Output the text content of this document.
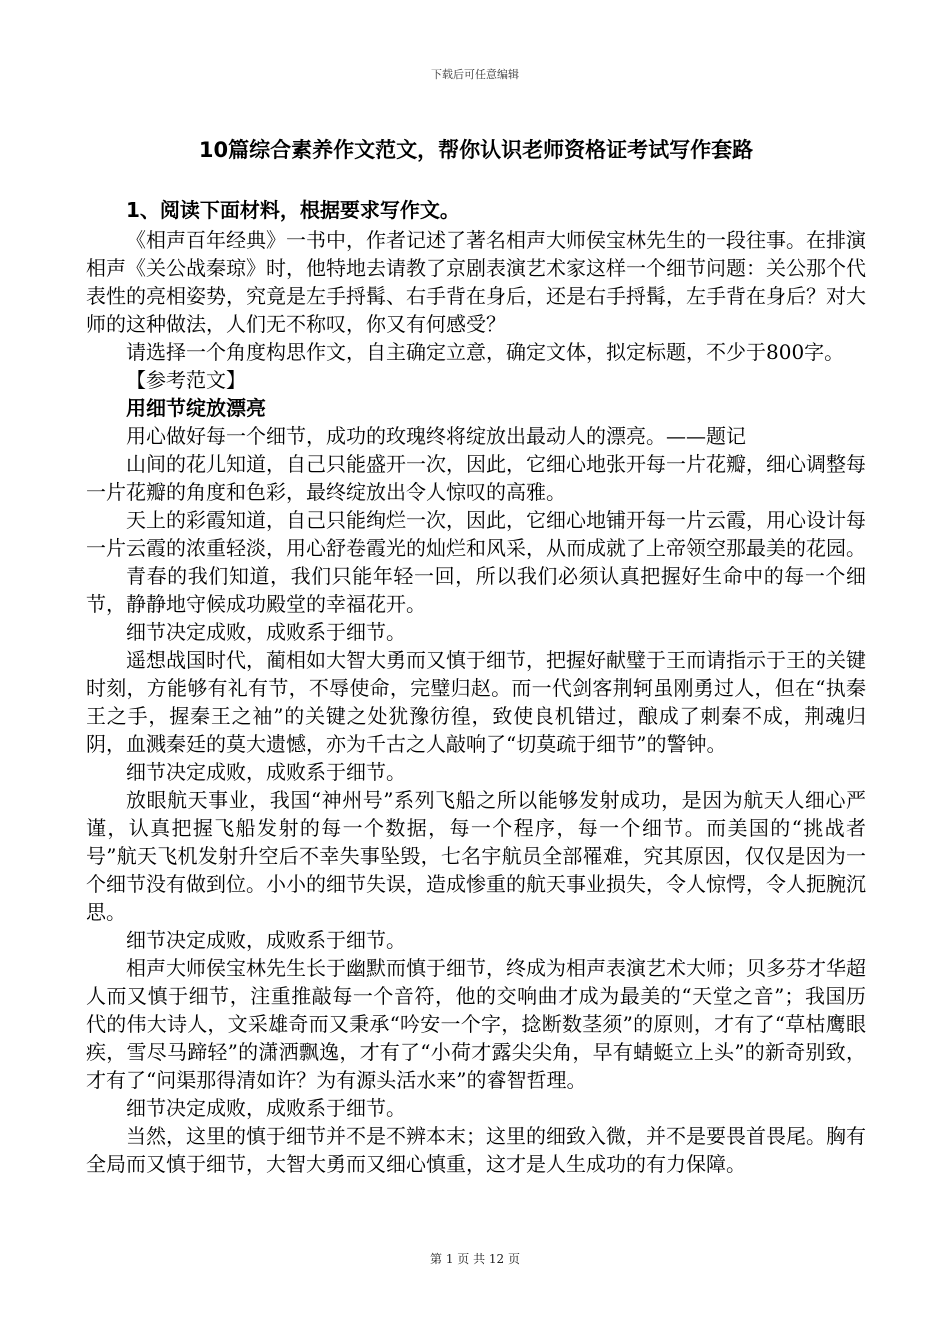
下载后可任意编辑
10篇综合素养作文范文，帮你认识老师资格证考试写作套路

1、阅读下面材料，根据要求写作文。

《相声百年经典》一书中，作者记述了著名相声大师侯宝林先生的一段往事。在排演相声《关公战秦琼》时，他特地去请教了京剧表演艺术家这样一个细节问题：关公那个代表性的亮相姿势，究竟是左手捋髯、右手背在身后，还是右手捋髯，左手背在身后？对大师的这种做法，人们无不称叹，你又有何感受？

请选择一个角度构思作文，自主确定立意，确定文体，拟定标题，不少于800字。

【参考范文】

用细节绽放漂亮

用心做好每一个细节，成功的玫瑰终将绽放出最动人的漂亮。——题记

山间的花儿知道，自己只能盛开一次，因此，它细心地张开每一片花瓣，细心调整每一片花瓣的角度和色彩，最终绽放出令人惊叹的高雅。

天上的彩霞知道，自己只能绚烂一次，因此，它细心地铺开每一片云霞，用心设计每一片云霞的浓重轻淡，用心舒卷霞光的灿烂和风采，从而成就了上帝领空那最美的花园。

青春的我们知道，我们只能年轻一回，所以我们必须认真把握好生命中的每一个细节，静静地守候成功殿堂的幸福花开。

细节决定成败，成败系于细节。

遥想战国时代，蔺相如大智大勇而又慎于细节，把握好献璧于王而请指示于王的关键时刻，方能够有礼有节，不辱使命，完璧归赵。而一代剑客荆轲虽刚勇过人，但在“执秦王之手，握秦王之袖”的关键之处犹豫彷徨，致使良机错过，酿成了刺秦不成，荆魂归阴，血溅秦廷的莫大遗憾，亦为千古之人敲响了“切莫疏于细节”的警钟。

细节决定成败，成败系于细节。

放眼航天事业，我国“神州号”系列飞船之所以能够发射成功，是因为航天人细心严谨，认真把握飞船发射的每一个数据，每一个程序，每一个细节。而美国的“挑战者号”航天飞机发射升空后不幸失事坠毁，七名宇航员全部罹难，究其原因，仅仅是因为一个细节没有做到位。小小的细节失误，造成惨重的航天事业损失，令人惊愕，令人扼腕沉思。

细节决定成败，成败系于细节。

相声大师侯宝林先生长于幽默而慎于细节，终成为相声表演艺术大师；贝多芬才华超人而又慎于细节，注重推敲每一个音符，他的交响曲才成为最美的“天堂之音”；我国历代的伟大诗人，文采雄奇而又秉承“吟安一个字，捻断数茎须”的原则，才有了“草枯鹰眼疾，雪尽马蹄轻”的潇洒飘逸，才有了“小荷才露尖尖角，早有蜻蜓立上头”的新奇别致，才有了“问渠那得清如许？为有源头活水来”的睿智哲理。

细节决定成败，成败系于细节。

当然，这里的慎于细节并不是不辨本末；这里的细致入微，并不是要畏首畏尾。胸有全局而又慎于细节，大智大勇而又细心慎重，这才是人生成功的有力保障。

第 1 页 共 12 页
